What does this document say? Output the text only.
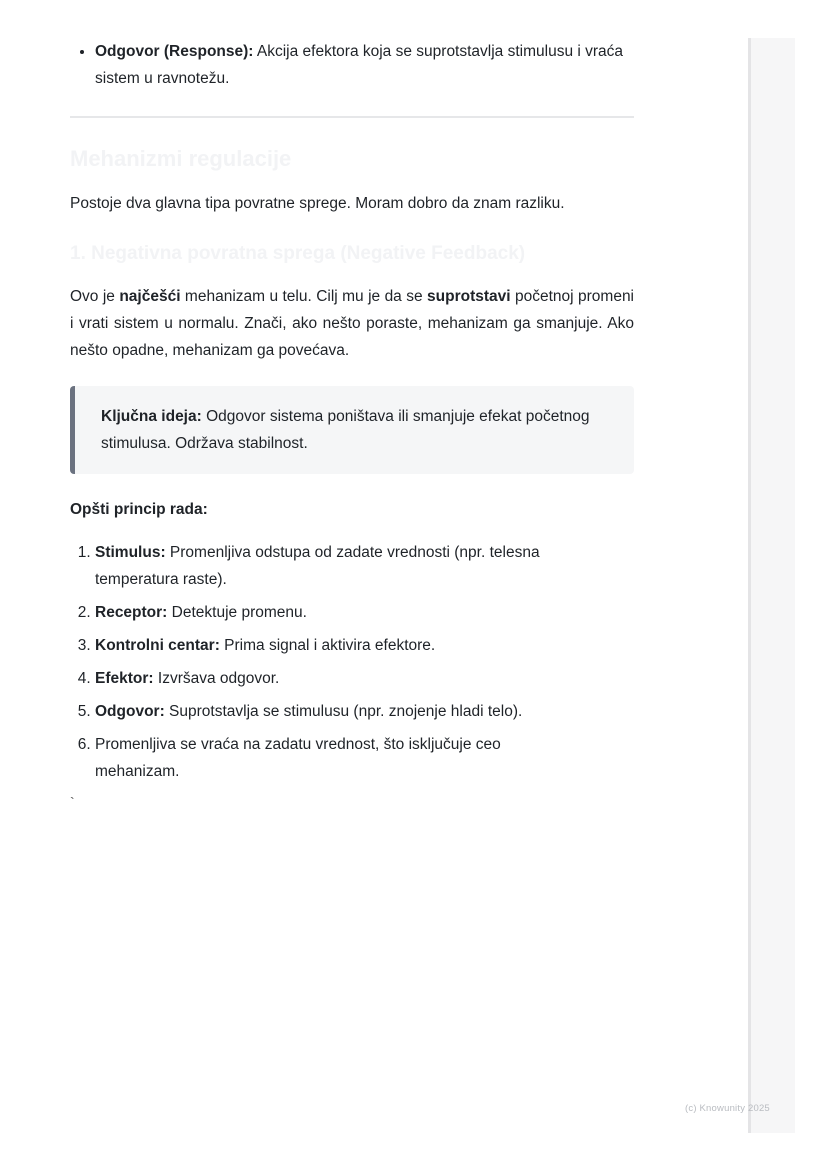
• Odgovor (Response): Akcija efektora koja se suprotstavlja stimulusu i vraća sistem u ravnotežu.
Mehanizmi regulacije

Postoje dva glavna tipa povratne sprege. Moram dobro da znam razliku.

1. Negativna povratna sprega (Negative Feedback)

Ovo je najčešći mehanizam u telu. Cilj mu je da se suprotstavi početnoj promeni i vrati sistem u normalu. Znači, ako nešto poraste, mehanizam ga smanjuje. Ako nešto opadne, mehanizam ga povećava.

Ključna ideja: Odgovor sistema poništava ili smanjuje efekat početnog stimulusa. Održava stabilnost.

Opšti princip rada:

1. Stimulus: Promenljiva odstupa od zadate vrednosti (npr. telesna temperatura raste).
2. Receptor: Detektuje promenu.
3. Kontrolni centar: Prima signal i aktivira efektore.
4. Efektor: Izvršava odgovor.
5. Odgovor: Suprotstavlja se stimulusu (npr. znojenje hladi telo).
6. Promenljiva se vraća na zadatu vrednost, što isključuje ceo mehanizam.
`
(c) Knowunity 2025
